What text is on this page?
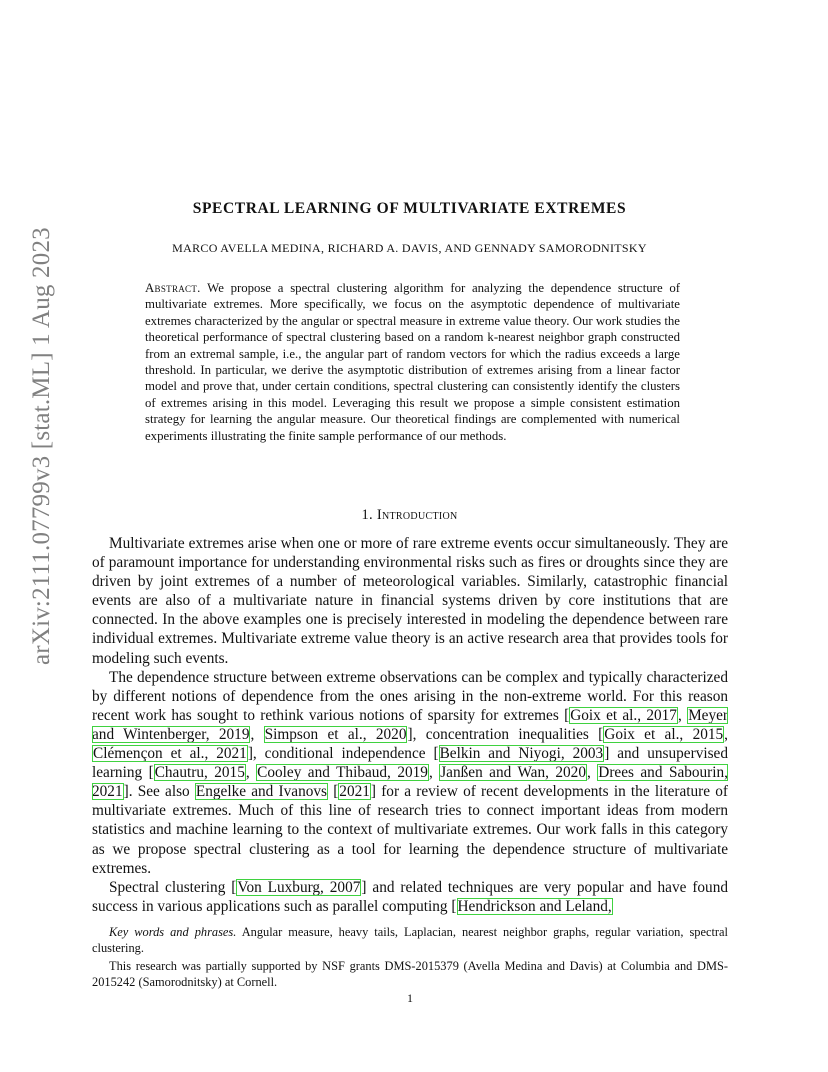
arXiv:2111.07799v3 [stat.ML] 1 Aug 2023
SPECTRAL LEARNING OF MULTIVARIATE EXTREMES
MARCO AVELLA MEDINA, RICHARD A. DAVIS, AND GENNADY SAMORODNITSKY
Abstract. We propose a spectral clustering algorithm for analyzing the dependence structure of multivariate extremes. More specifically, we focus on the asymptotic dependence of multivariate extremes characterized by the angular or spectral measure in extreme value theory. Our work studies the theoretical performance of spectral clustering based on a random k-nearest neighbor graph constructed from an extremal sample, i.e., the angular part of random vectors for which the radius exceeds a large threshold. In particular, we derive the asymptotic distribution of extremes arising from a linear factor model and prove that, under certain conditions, spectral clustering can consistently identify the clusters of extremes arising in this model. Leveraging this result we propose a simple consistent estimation strategy for learning the angular measure. Our theoretical findings are complemented with numerical experiments illustrating the finite sample performance of our methods.
1. Introduction

Multivariate extremes arise when one or more of rare extreme events occur simultaneously. They are of paramount importance for understanding environmental risks such as fires or droughts since they are driven by joint extremes of a number of meteorological variables. Similarly, catastrophic financial events are also of a multivariate nature in financial systems driven by core institutions that are connected. In the above examples one is precisely interested in modeling the dependence between rare individual extremes. Multivariate extreme value theory is an active research area that provides tools for modeling such events.

The dependence structure between extreme observations can be complex and typically characterized by different notions of dependence from the ones arising in the non-extreme world. For this reason recent work has sought to rethink various notions of sparsity for extremes [Goix et al., 2017, Meyer and Wintenberger, 2019, Simpson et al., 2020], concentration inequalities [Goix et al., 2015, Clémençon et al., 2021], conditional independence [Belkin and Niyogi, 2003] and unsupervised learning [Chautru, 2015, Cooley and Thibaud, 2019, Janßen and Wan, 2020, Drees and Sabourin, 2021]. See also Engelke and Ivanovs [2021] for a review of recent developments in the literature of multivariate extremes. Much of this line of research tries to connect important ideas from modern statistics and machine learning to the context of multivariate extremes. Our work falls in this category as we propose spectral clustering as a tool for learning the dependence structure of multivariate extremes.

Spectral clustering [Von Luxburg, 2007] and related techniques are very popular and have found success in various applications such as parallel computing [Hendrickson and Leland,

Key words and phrases. Angular measure, heavy tails, Laplacian, nearest neighbor graphs, regular variation, spectral clustering.

This research was partially supported by NSF grants DMS-2015379 (Avella Medina and Davis) at Columbia and DMS-2015242 (Samorodnitsky) at Cornell.

1
